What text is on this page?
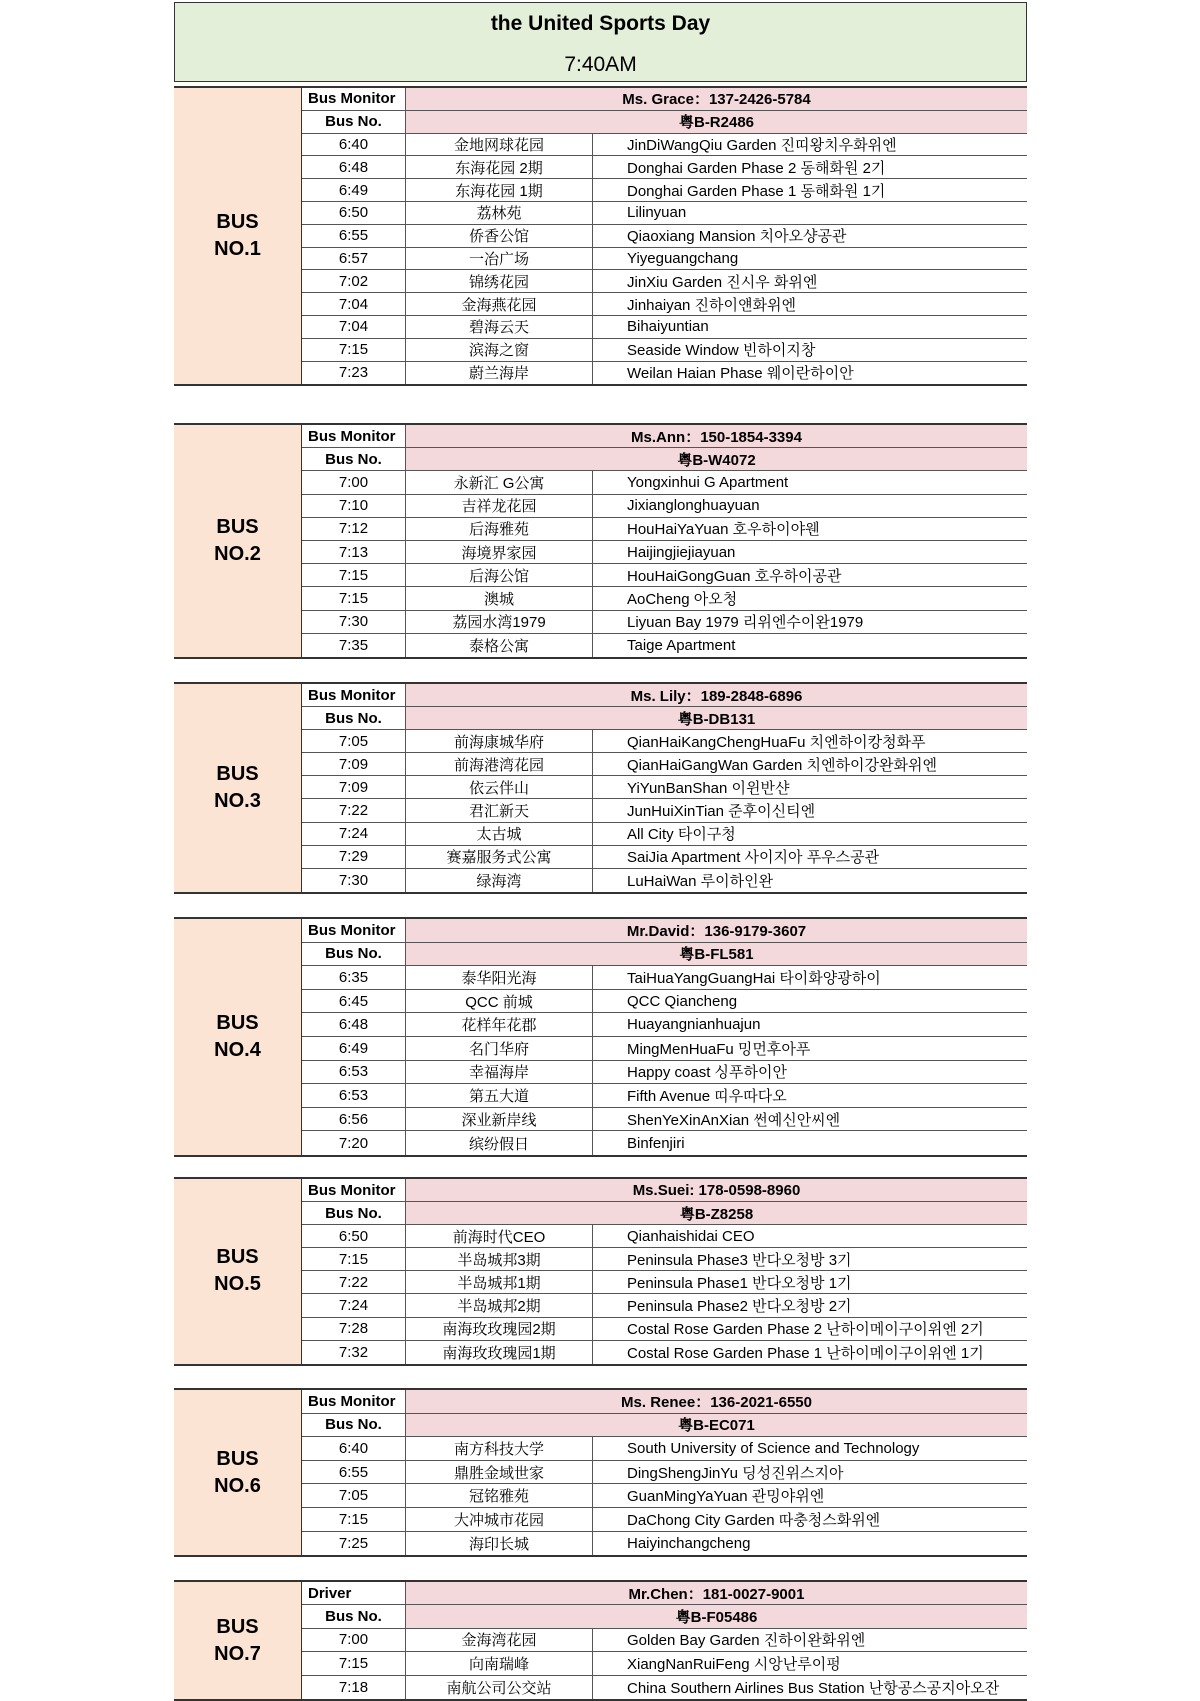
the United Sports Day
7:40AM
BUS
NO.1
Bus Monitor	Ms. Grace：137-2426-5784
Bus No.	粤B-R2486
6:40	金地网球花园	JinDiWangQiu Garden 진띠왕치우화위엔
6:48	东海花园 2期	Donghai Garden Phase 2 동해화원 2기
6:49	东海花园 1期	Donghai Garden Phase 1 동해화원 1기
6:50	荔林苑	Lilinyuan
6:55	侨香公馆	Qiaoxiang Mansion 치아오샹공관
6:57	一冶广场	Yiyeguangchang
7:02	锦绣花园	JinXiu Garden 진시우 화위엔
7:04	金海燕花园	Jinhaiyan 진하이얜화위엔
7:04	碧海云天	Bihaiyuntian
7:15	滨海之窗	Seaside Window 빈하이지창
7:23	蔚兰海岸	Weilan Haian Phase 웨이란하이안
BUS
NO.2
Bus Monitor	Ms.Ann：150-1854-3394
Bus No.	粤B-W4072
7:00	永新汇 G公寓	Yongxinhui G Apartment
7:10	吉祥龙花园	Jixianglonghuayuan
7:12	后海雅苑	HouHaiYaYuan 호우하이야웬
7:13	海境界家园	Haijingjiejiayuan
7:15	后海公馆	HouHaiGongGuan 호우하이공관
7:15	澳城	AoCheng 아오청
7:30	荔园水湾1979	Liyuan Bay 1979 리위엔수이완1979
7:35	泰格公寓	Taige Apartment
BUS
NO.3
Bus Monitor	Ms. Lily：189-2848-6896
Bus No.	粤B-DB131
7:05	前海康城华府	QianHaiKangChengHuaFu 치엔하이캉청화푸
7:09	前海港湾花园	QianHaiGangWan Garden 치엔하이강완화위엔
7:09	依云伴山	YiYunBanShan 이윈반샨
7:22	君汇新天	JunHuiXinTian 준후이신티엔
7:24	太古城	All City 타이구청
7:29	赛嘉服务式公寓	SaiJia Apartment 사이지아 푸우스공관
7:30	绿海湾	LuHaiWan 루이하인완
BUS
NO.4
Bus Monitor	Mr.David：136-9179-3607
Bus No.	粤B-FL581
6:35	泰华阳光海	TaiHuaYangGuangHai 타이화양광하이
6:45	QCC 前城	QCC Qiancheng
6:48	花样年花郡	Huayangnianhuajun
6:49	名门华府	MingMenHuaFu 밍먼후아푸
6:53	幸福海岸	Happy coast 싱푸하이안
6:53	第五大道	Fifth Avenue 띠우따다오
6:56	深业新岸线	ShenYeXinAnXian 썬예신안씨엔
7:20	缤纷假日	Binfenjiri
BUS
NO.5
Bus Monitor	Ms.Suei: 178-0598-8960
Bus No.	粤B-Z8258
6:50	前海时代CEO	Qianhaishidai CEO
7:15	半岛城邦3期	Peninsula Phase3 반다오청방 3기
7:22	半岛城邦1期	Peninsula Phase1 반다오청방 1기
7:24	半岛城邦2期	Peninsula Phase2 반다오청방 2기
7:28	南海玫玫瑰园2期	Costal Rose Garden Phase 2 난하이메이구이위엔 2기
7:32	南海玫玫瑰园1期	Costal Rose Garden Phase 1 난하이메이구이위엔 1기
BUS
NO.6
Bus Monitor	Ms. Renee：136-2021-6550
Bus No.	粤B-EC071
6:40	南方科技大学	South University of Science and Technology
6:55	鼎胜金域世家	DingShengJinYu 딩성진위스지아
7:05	冠铭雅苑	GuanMingYaYuan 관밍야위엔
7:15	大冲城市花园	DaChong City Garden 따충청스화위엔
7:25	海印长城	Haiyinchangcheng
BUS
NO.7
Driver	Mr.Chen：181-0027-9001
Bus No.	粤B-F05486
7:00	金海湾花园	Golden Bay Garden 진하이완화위엔
7:15	向南瑞峰	XiangNanRuiFeng 시앙난루이펑
7:18	南航公司公交站	China Southern Airlines Bus Station 난항공스공지아오잔
